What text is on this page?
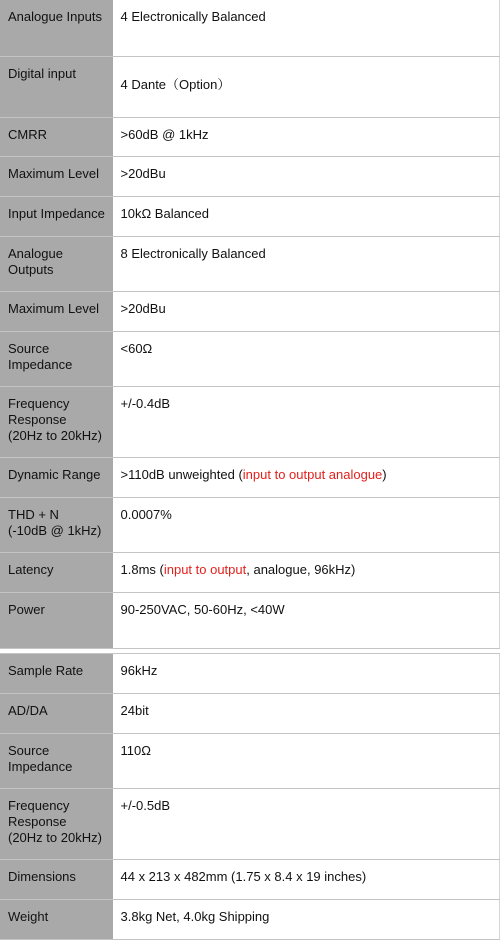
Analogue Inputs	4 Electronically Balanced

Digital input	4 Dante（Option）

CMRR	>60dB @ 1kHz

Maximum Level	>20dBu

Input Impedance	10kΩ Balanced

Analogue
Outputs	8 Electronically Balanced

Maximum Level	>20dBu

Source
Impedance	<60Ω

Frequency
Response
(20Hz to 20kHz)	+/-0.4dB

Dynamic Range	>110dB unweighted (input to output analogue)

THD + N
(-10dB @ 1kHz)	0.0007%

Latency	1.8ms (input to output, analogue, 96kHz)

Power	90-250VAC, 50-60Hz, <40W

Sample Rate	96kHz

AD/DA	24bit

Source
Impedance	110Ω

Frequency
Response
(20Hz to 20kHz)	+/-0.5dB

Dimensions	44 x 213 x 482mm (1.75 x 8.4 x 19 inches)

Weight	3.8kg Net, 4.0kg Shipping
